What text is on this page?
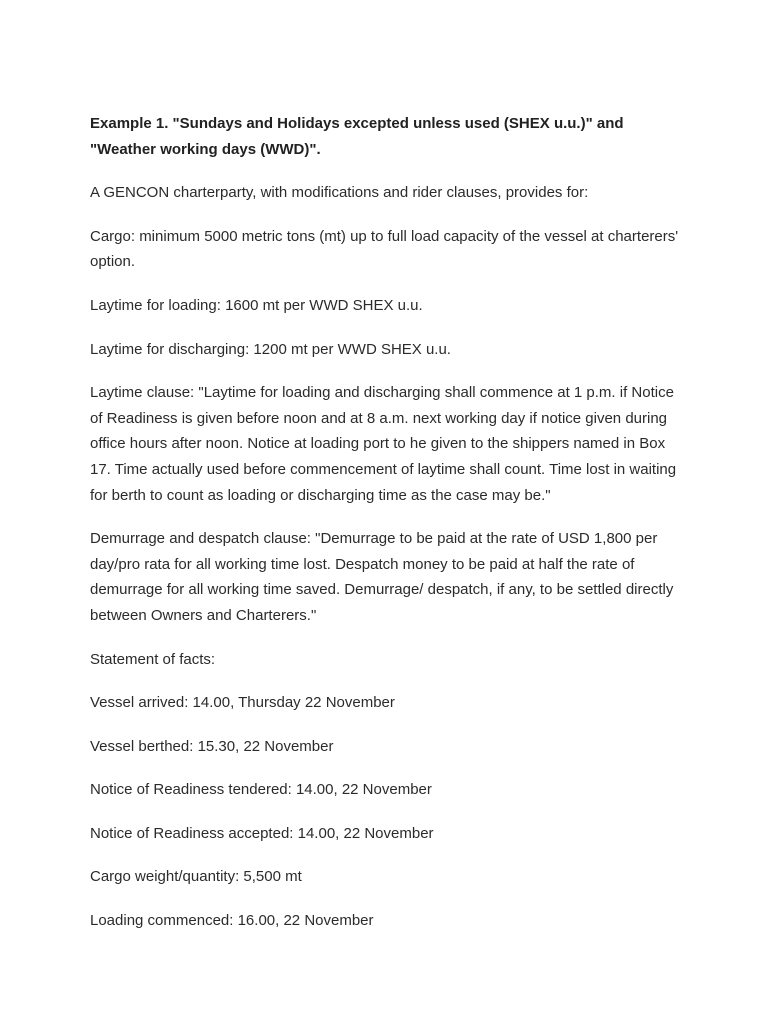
Example 1. "Sundays and Holidays excepted unless used (SHEX u.u.)" and "Weather working days (WWD)".

A GENCON charterparty, with modifications and rider clauses, provides for:

Cargo: minimum 5000 metric tons (mt) up to full load capacity of the vessel at charterers' option.

Laytime for loading: 1600 mt per WWD SHEX u.u.

Laytime for discharging: 1200 mt per WWD SHEX u.u.

Laytime clause: "Laytime for loading and discharging shall commence at 1 p.m. if Notice of Readiness is given before noon and at 8 a.m. next working day if notice given during office hours after noon. Notice at loading port to he given to the shippers named in Box 17. Time actually used before commencement of laytime shall count. Time lost in waiting for berth to count as loading or discharging time as the case may be."

Demurrage and despatch clause: "Demurrage to be paid at the rate of USD 1,800 per day/pro rata for all working time lost. Despatch money to be paid at half the rate of demurrage for all working time saved. Demurrage/ despatch, if any, to be settled directly between Owners and Charterers."

Statement of facts:

Vessel arrived: 14.00, Thursday 22 November

Vessel berthed: 15.30, 22 November

Notice of Readiness tendered: 14.00, 22 November

Notice of Readiness accepted: 14.00, 22 November

Cargo weight/quantity: 5,500 mt

Loading commenced: 16.00, 22 November
